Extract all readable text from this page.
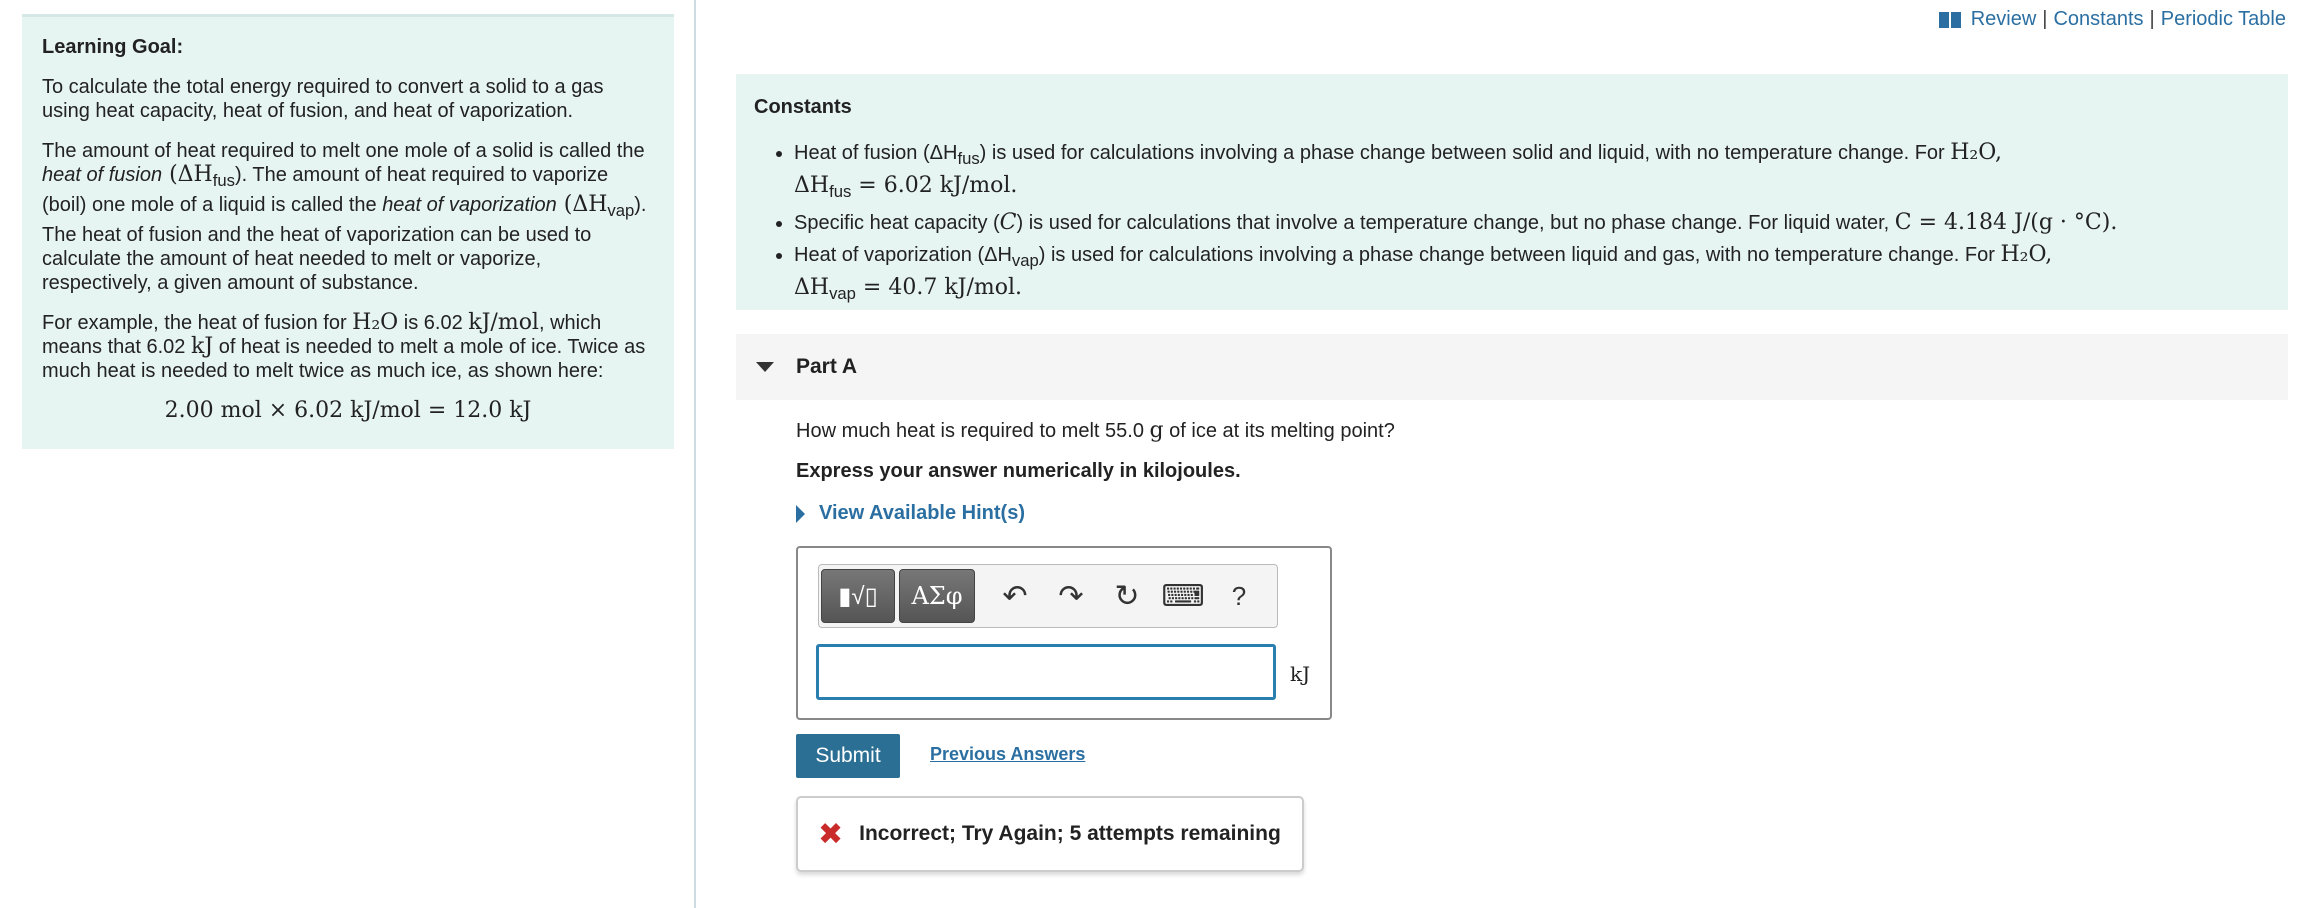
Learning Goal:

To calculate the total energy required to convert a solid to a gas using heat capacity, heat of fusion, and heat of vaporization.

The amount of heat required to melt one mole of a solid is called the heat of fusion $(\Delta H_{fus})$. The amount of heat required to vaporize (boil) one mole of a liquid is called the heat of vaporization $(\Delta H_{vap})$. The heat of fusion and the heat of vaporization can be used to calculate the amount of heat needed to melt or vaporize, respectively, a given amount of substance.

For example, the heat of fusion for H₂O is 6.02 kJ/mol, which means that 6.02 kJ of heat is needed to melt a mole of ice. Twice as much heat is needed to melt twice as much ice, as shown here:

2.00 mol × 6.02 kJ/mol = 12.0 kJ
Review | Constants | Periodic Table
Constants
• Heat of fusion $(\Delta H_{fus})$ is used for calculations involving a phase change between solid and liquid, with no temperature change. For H₂O,
$\Delta H_{fus} = 6.02$ kJ/mol.
• Specific heat capacity (C) is used for calculations that involve a temperature change, but no phase change. For liquid water, C = 4.184 J/(g · °C).
• Heat of vaporization $(\Delta H_{vap})$ is used for calculations involving a phase change between liquid and gas, with no temperature change. For H₂O,
$\Delta H_{vap} = 40.7$ kJ/mol.
Part A
How much heat is required to melt 55.0 g of ice at its melting point?
Express your answer numerically in kilojoules.
View Available Hint(s)
▮√▯	ΑΣφ	↶ ↷ ↻ ⌨	?
kJ
Submit	Previous Answers
✖ Incorrect; Try Again; 5 attempts remaining
